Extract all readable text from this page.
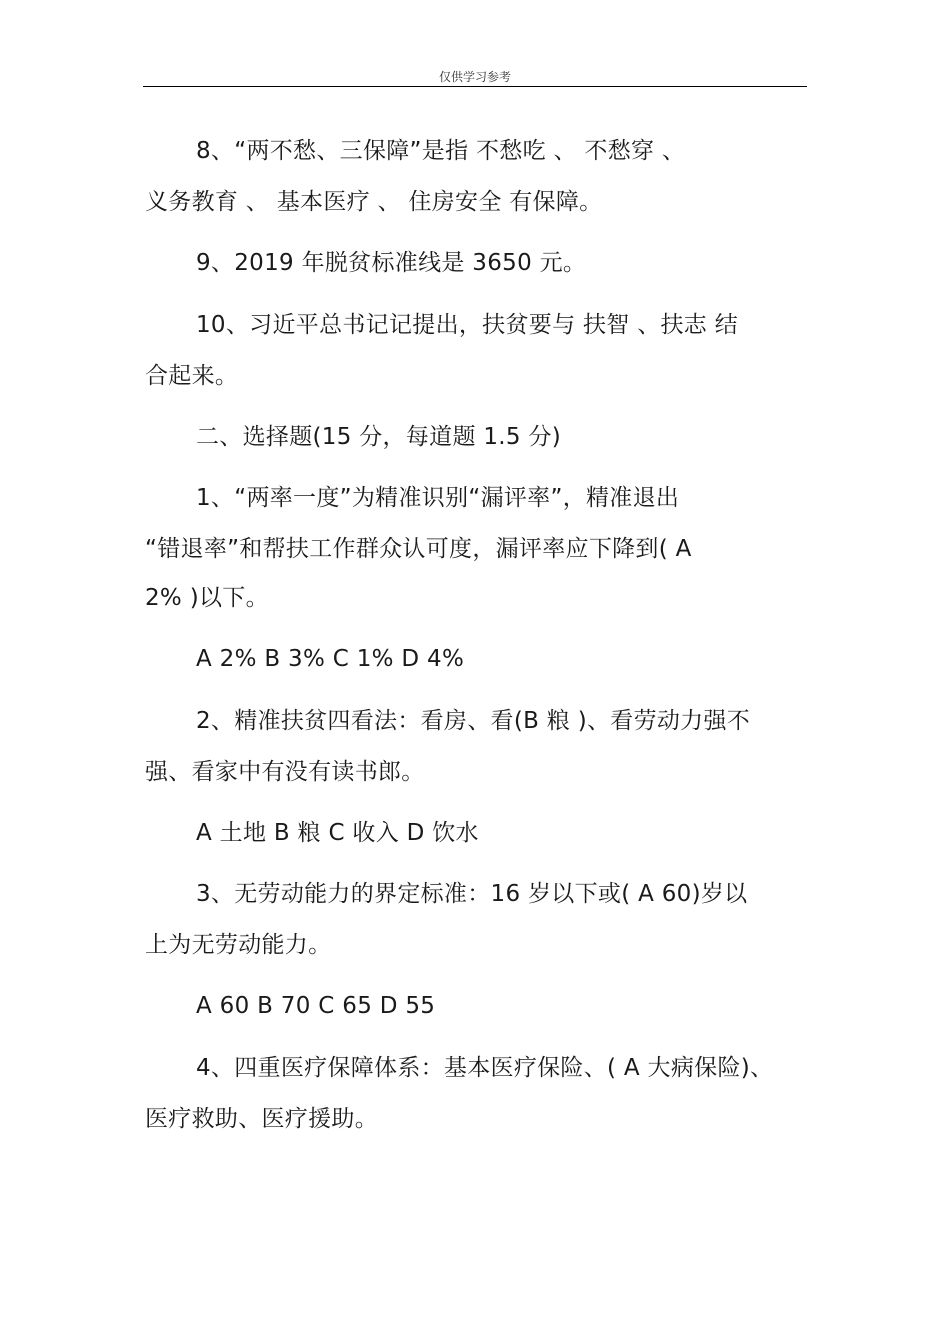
仅供学习参考
8、“两不愁、三保障”是指 不愁吃 、 不愁穿 、
义务教育 、 基本医疗 、 住房安全 有保障。
9、2019 年脱贫标准线是 3650 元。
10、习近平总书记记提出，扶贫要与 扶智 、扶志 结
合起来。
二、选择题(15 分，每道题 1.5 分)
1、“两率一度”为精准识别“漏评率”，精准退出
“错退率”和帮扶工作群众认可度，漏评率应下降到( A
2% )以下。
A 2% B 3% C 1% D 4%
2、精准扶贫四看法：看房、看(B 粮 )、看劳动力强不
强、看家中有没有读书郎。
A 土地 B 粮 C 收入 D 饮水
3、无劳动能力的界定标准：16 岁以下或( A 60)岁以
上为无劳动能力。
A 60 B 70 C 65 D 55
4、四重医疗保障体系：基本医疗保险、( A 大病保险)、
医疗救助、医疗援助。
